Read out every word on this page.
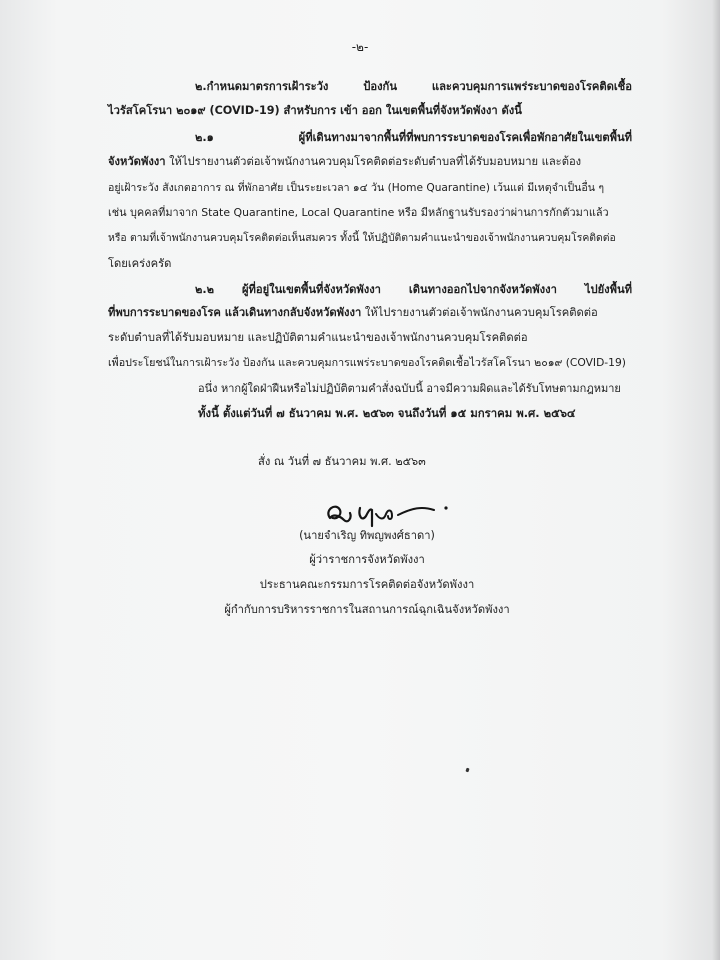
-๒-
๒.กำหนดมาตรการเฝ้าระวัง ป้องกัน และควบคุมการแพร่ระบาดของโรคติดเชื้อ
ไวรัสโคโรนา ๒๐๑๙ (COVID-19) สำหรับการ เข้า ออก ในเขตพื้นที่จังหวัดพังงา ดังนี้
๒.๑ ผู้ที่เดินทางมาจากพื้นที่ที่พบการระบาดของโรคเพื่อพักอาศัยในเขตพื้นที่
จังหวัดพังงา ให้ไปรายงานตัวต่อเจ้าพนักงานควบคุมโรคติดต่อระดับตำบลที่ได้รับมอบหมาย และต้อง
อยู่เฝ้าระวัง สังเกตอาการ ณ ที่พักอาศัย เป็นระยะเวลา ๑๔ วัน (Home Quarantine) เว้นแต่ มีเหตุจำเป็นอื่น ๆ
เช่น บุคคลที่มาจาก State Quarantine, Local Quarantine หรือ มีหลักฐานรับรองว่าผ่านการกักตัวมาแล้ว
หรือ ตามที่เจ้าพนักงานควบคุมโรคติดต่อเห็นสมควร ทั้งนี้ ให้ปฏิบัติตามคำแนะนำของเจ้าพนักงานควบคุมโรคติดต่อ
โดยเคร่งครัด
๒.๒ ผู้ที่อยู่ในเขตพื้นที่จังหวัดพังงา เดินทางออกไปจากจังหวัดพังงา ไปยังพื้นที่
ที่พบการระบาดของโรค แล้วเดินทางกลับจังหวัดพังงา ให้ไปรายงานตัวต่อเจ้าพนักงานควบคุมโรคติดต่อ
ระดับตำบลที่ได้รับมอบหมาย และปฏิบัติตามคำแนะนำของเจ้าพนักงานควบคุมโรคติดต่อ
เพื่อประโยชน์ในการเฝ้าระวัง ป้องกัน และควบคุมการแพร่ระบาดของโรคติดเชื้อไวรัสโคโรนา ๒๐๑๙ (COVID-19)
อนึ่ง หากผู้ใดฝ่าฝืนหรือไม่ปฏิบัติตามคำสั่งฉบับนี้ อาจมีความผิดและได้รับโทษตามกฎหมาย
ทั้งนี้ ตั้งแต่วันที่ ๗ ธันวาคม พ.ศ. ๒๕๖๓ จนถึงวันที่ ๑๕ มกราคม พ.ศ. ๒๕๖๔
สั่ง ณ วันที่ ๗ ธันวาคม พ.ศ. ๒๕๖๓
(นายจำเริญ ทิพญพงศ์ธาดา)
ผู้ว่าราชการจังหวัดพังงา
ประธานคณะกรรมการโรคติดต่อจังหวัดพังงา
ผู้กำกับการบริหารราชการในสถานการณ์ฉุกเฉินจังหวัดพังงา
